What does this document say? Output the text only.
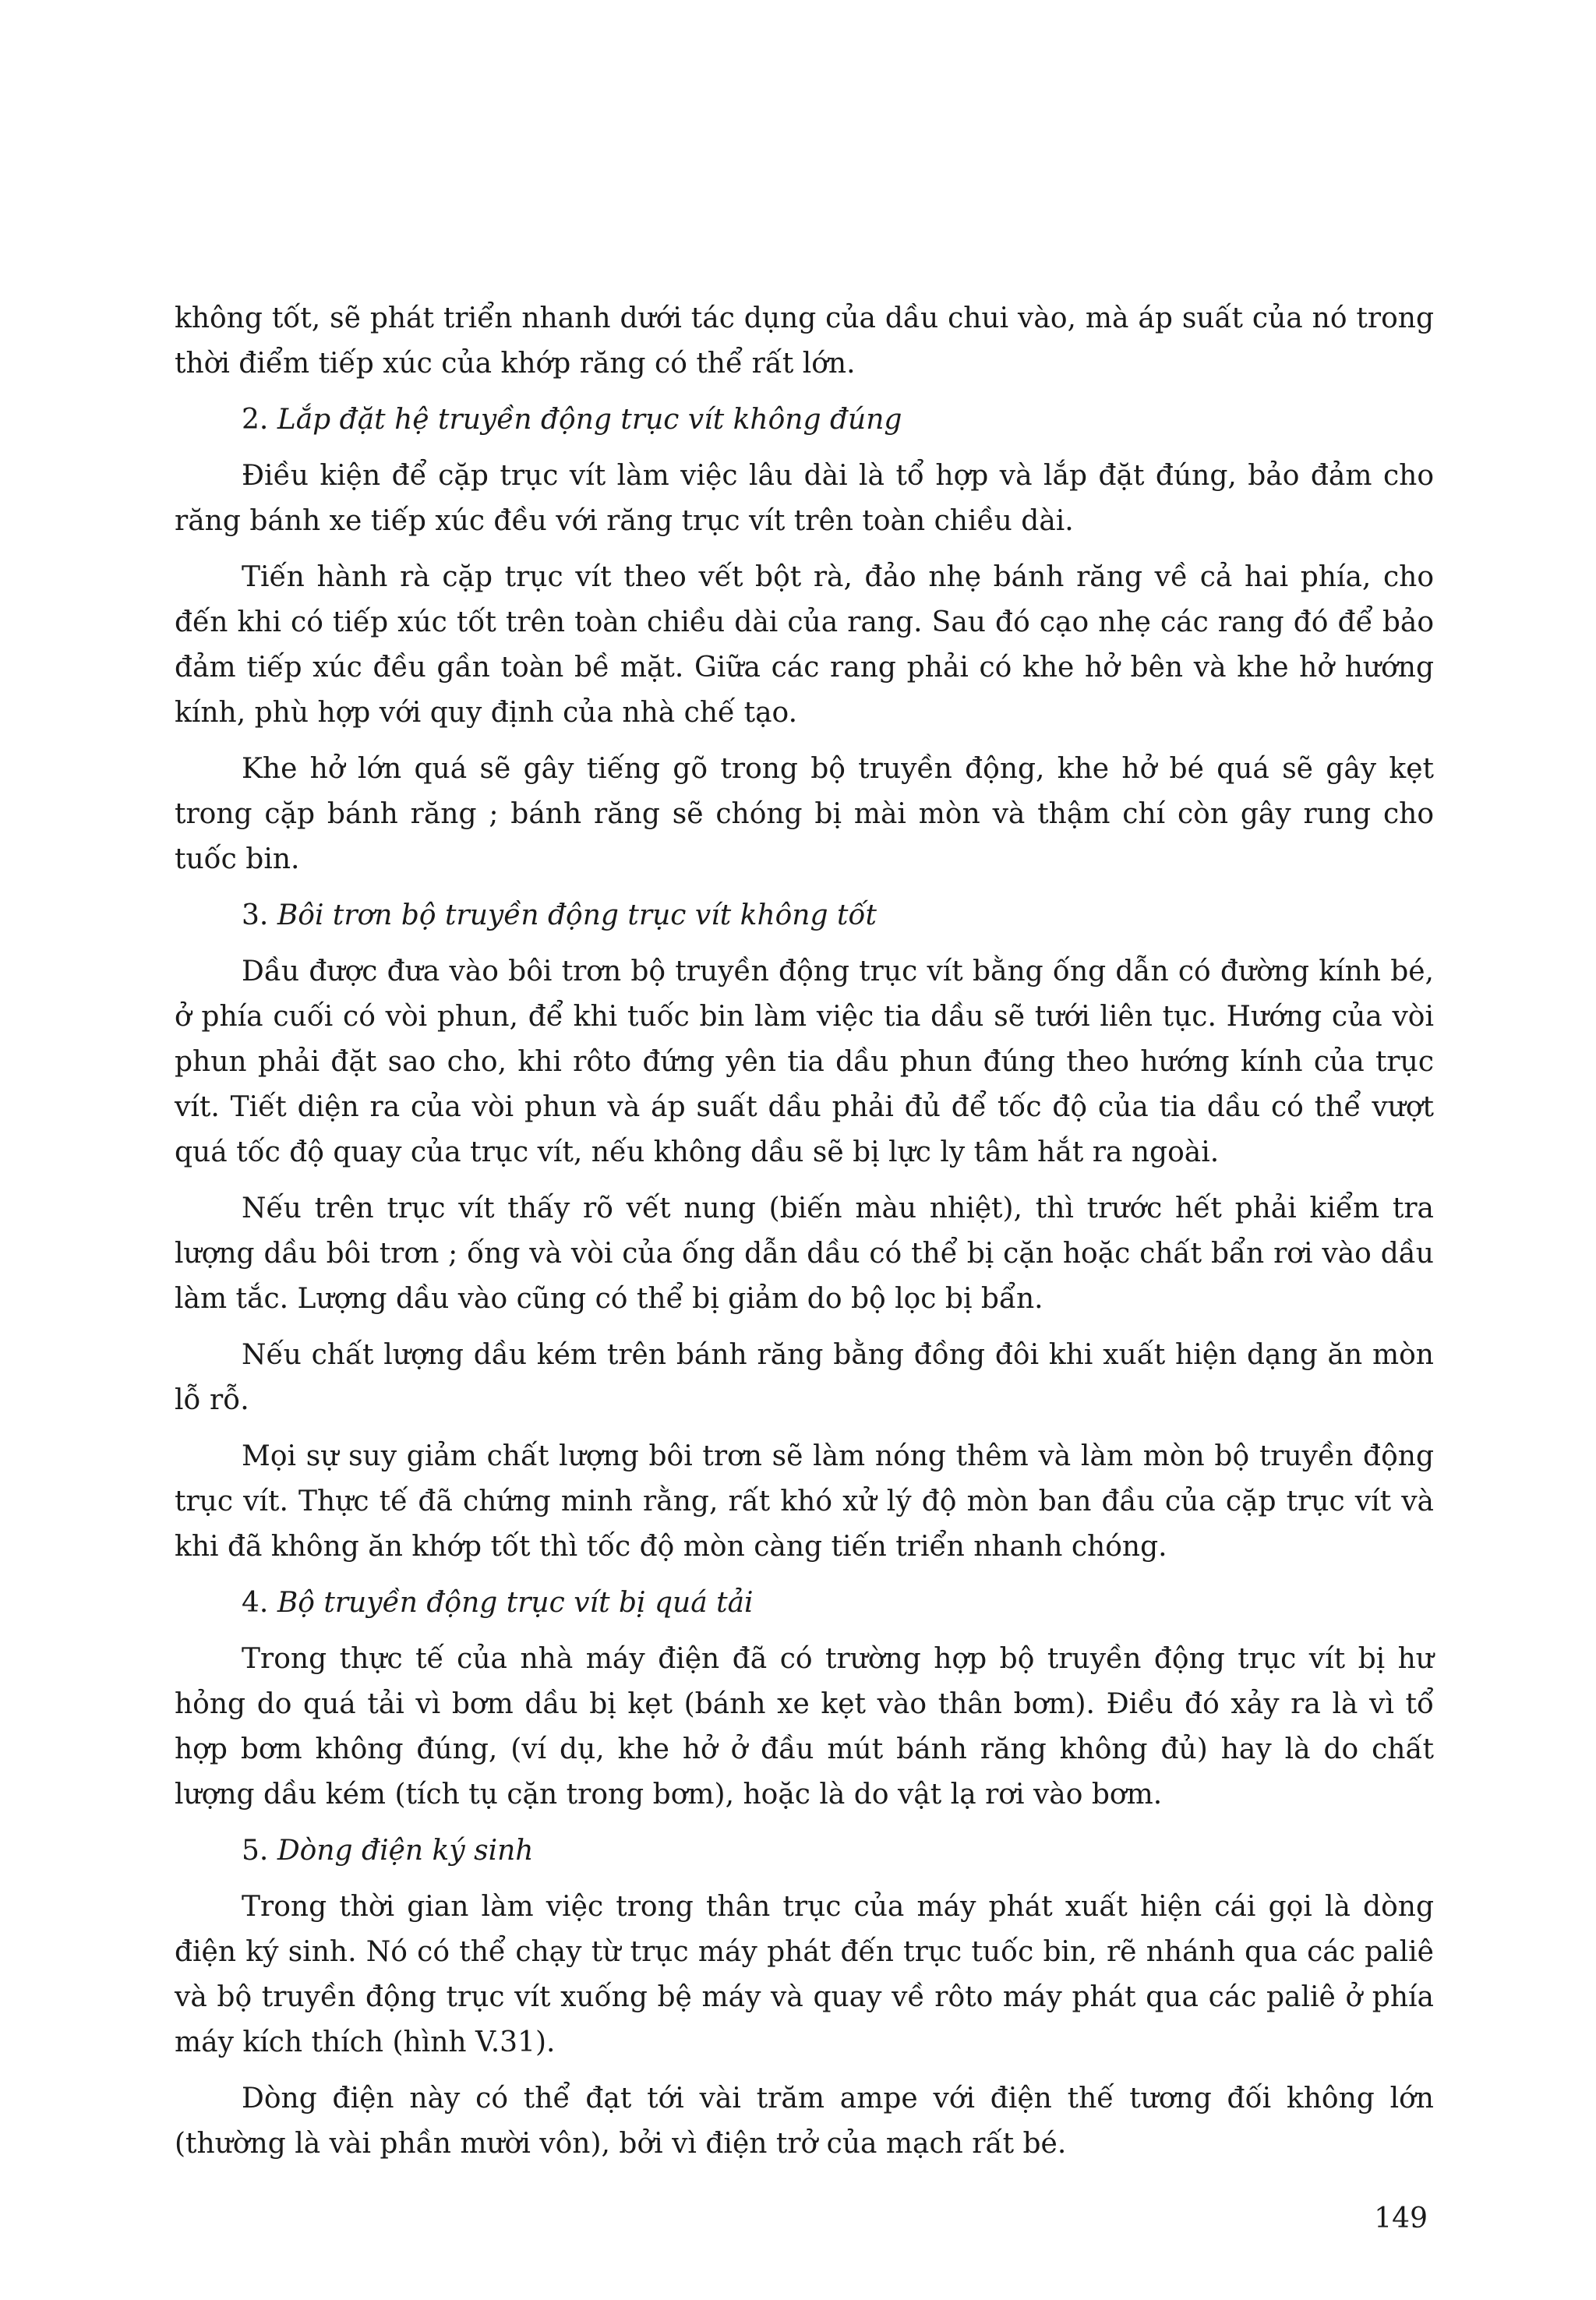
không tốt, sẽ phát triển nhanh dưới tác dụng của dầu chui vào, mà áp suất của nó trong thời điểm tiếp xúc của khớp răng có thể rất lớn.

2. Lắp đặt hệ truyền động trục vít không đúng

Điều kiện để cặp trục vít làm việc lâu dài là tổ hợp và lắp đặt đúng, bảo đảm cho răng bánh xe tiếp xúc đều với răng trục vít trên toàn chiều dài.

Tiến hành rà cặp trục vít theo vết bột rà, đảo nhẹ bánh răng về cả hai phía, cho đến khi có tiếp xúc tốt trên toàn chiều dài của rang. Sau đó cạo nhẹ các rang đó để bảo đảm tiếp xúc đều gần toàn bề mặt. Giữa các rang phải có khe hở bên và khe hở hướng kính, phù hợp với quy định của nhà chế tạo.

Khe hở lớn quá sẽ gây tiếng gõ trong bộ truyền động, khe hở bé quá sẽ gây kẹt trong cặp bánh răng ; bánh răng sẽ chóng bị mài mòn và thậm chí còn gây rung cho tuốc bin.

3. Bôi trơn bộ truyền động trục vít không tốt

Dầu được đưa vào bôi trơn bộ truyền động trục vít bằng ống dẫn có đường kính bé, ở phía cuối có vòi phun, để khi tuốc bin làm việc tia dầu sẽ tưới liên tục. Hướng của vòi phun phải đặt sao cho, khi rôto đứng yên tia dầu phun đúng theo hướng kính của trục vít. Tiết diện ra của vòi phun và áp suất dầu phải đủ để tốc độ của tia dầu có thể vượt quá tốc độ quay của trục vít, nếu không dầu sẽ bị lực ly tâm hắt ra ngoài.

Nếu trên trục vít thấy rõ vết nung (biến màu nhiệt), thì trước hết phải kiểm tra lượng dầu bôi trơn ; ống và vòi của ống dẫn dầu có thể bị cặn hoặc chất bẩn rơi vào dầu làm tắc. Lượng dầu vào cũng có thể bị giảm do bộ lọc bị bẩn.

Nếu chất lượng dầu kém trên bánh răng bằng đồng đôi khi xuất hiện dạng ăn mòn lỗ rỗ.

Mọi sự suy giảm chất lượng bôi trơn sẽ làm nóng thêm và làm mòn bộ truyền động trục vít. Thực tế đã chứng minh rằng, rất khó xử lý độ mòn ban đầu của cặp trục vít và khi đã không ăn khớp tốt thì tốc độ mòn càng tiến triển nhanh chóng.

4. Bộ truyền động trục vít bị quá tải

Trong thực tế của nhà máy điện đã có trường hợp bộ truyền động trục vít bị hư hỏng do quá tải vì bơm dầu bị kẹt (bánh xe kẹt vào thân bơm). Điều đó xảy ra là vì tổ hợp bơm không đúng, (ví dụ, khe hở ở đầu mút bánh răng không đủ) hay là do chất lượng dầu kém (tích tụ cặn trong bơm), hoặc là do vật lạ rơi vào bơm.

5. Dòng điện ký sinh

Trong thời gian làm việc trong thân trục của máy phát xuất hiện cái gọi là dòng điện ký sinh. Nó có thể chạy từ trục máy phát đến trục tuốc bin, rẽ nhánh qua các paliê và bộ truyền động trục vít xuống bệ máy và quay về rôto máy phát qua các paliê ở phía máy kích thích (hình V.31).

Dòng điện này có thể đạt tới vài trăm ampe với điện thế tương đối không lớn (thường là vài phần mười vôn), bởi vì điện trở của mạch rất bé.

149
